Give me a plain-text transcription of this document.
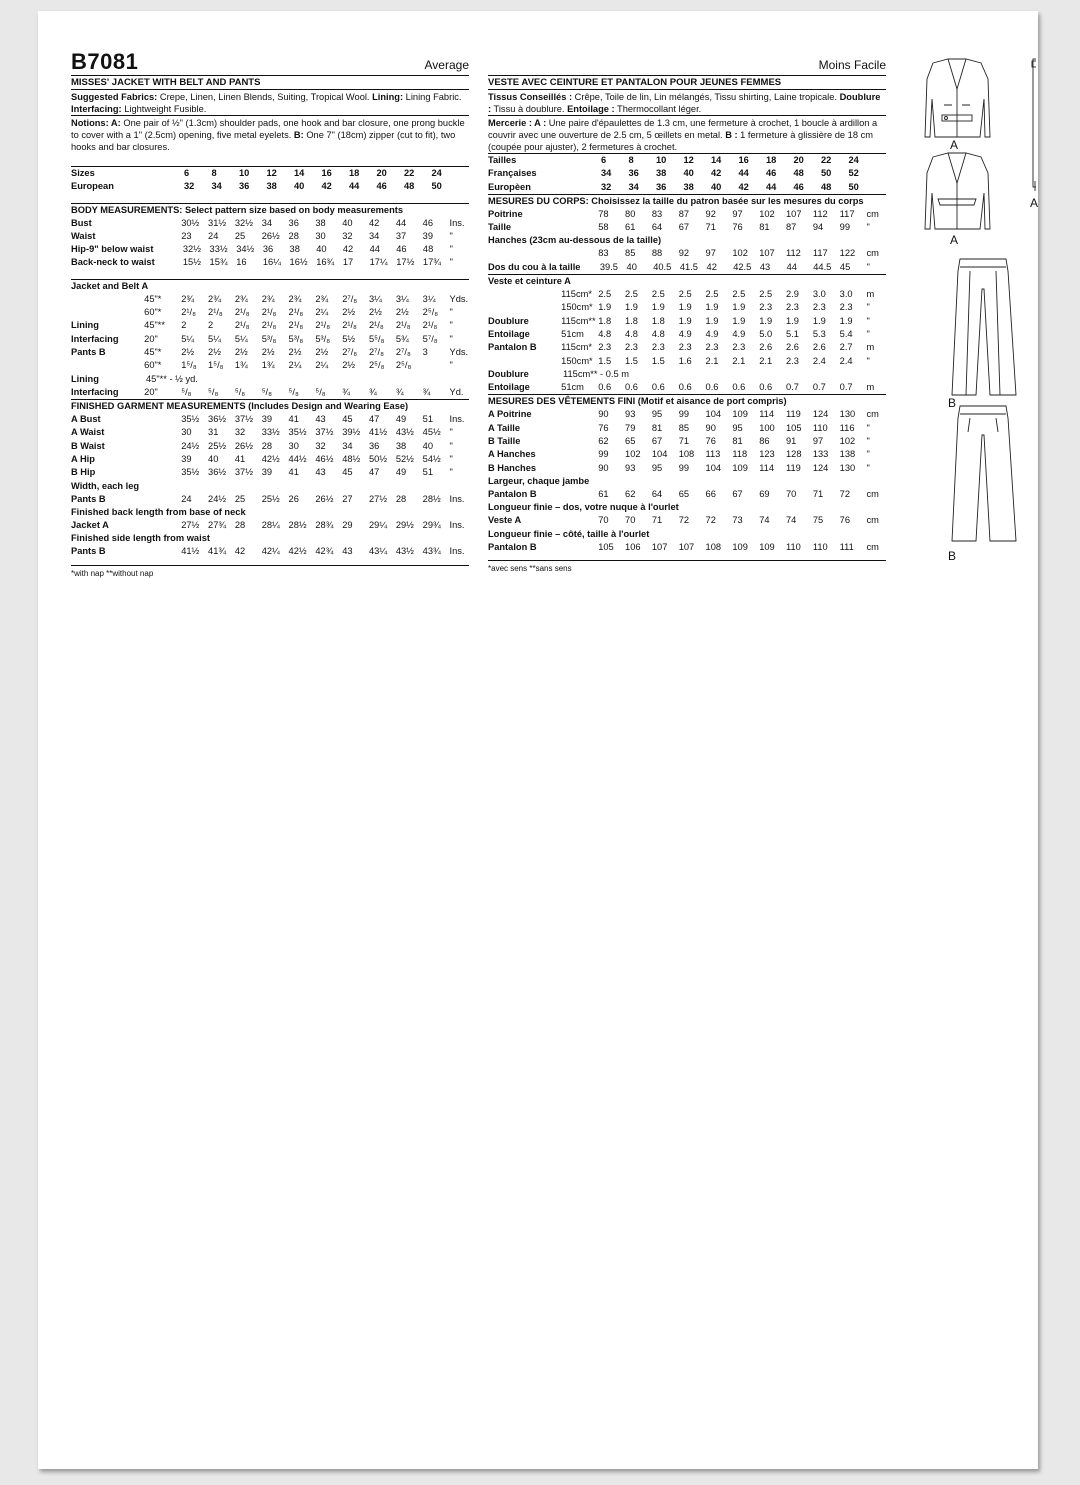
B7081	Average
MISSES' JACKET WITH BELT AND PANTS

Suggested Fabrics: Crepe, Linen, Linen Blends, Suiting, Tropical Wool. Lining: Lining Fabric. Interfacing: Lightweight Fusible.

Notions: A: One pair of ½" (1.3cm) shoulder pads, one hook and bar closure, one prong buckle to cover with a 1" (2.5cm) opening, five metal eyelets. B: One 7" (18cm) zipper (cut to fit), two hooks and bar closures.

Sizes	6	8	10	12	14	16	18	20	22	24
European	32	34	36	38	40	42	44	46	48	50
BODY MEASUREMENTS: Select pattern size based on body measurements
Bust	30½ 31½ 32½ 34	36	38	40	42	44	46	Ins.
Waist	23	24	25	26½ 28	30	32	34	37	39	"
Hip-9" below waist	32½ 33½ 34½ 36	38	40	42	44	46	48	"
Back-neck to waist	15½ 15¾ 16	16¼ 16½ 16¾ 17	17¼ 17½ 17¾ "
Jacket and Belt A
45"*	2¾	2¾	2¾	2¾	2¾	2¾	2⁷/₈	3¼	3¼	3¼	Yds.
60"*	2¹/₈	2¹/₈	2¹/₈	2¹/₈	2¹/₈	2¼	2½	2½	2½	2⁵/₈	"
Lining	45"**	2	2	2¹/₈	2¹/₈	2¹/₈	2¹/₈	2¹/₈	2¹/₈	2¹/₈	2¹/₈	"
Interfacing	20"	5¼	5¼	5¼	5³/₈	5³/₈	5³/₈	5½	5⁵/₈	5¾	5⁷/₈	"
Pants B	45"*	2½	2½	2½	2½	2½	2½	2⁷/₈	2⁷/₈	2⁷/₈	3	Yds.
60"*	1⁵/₈	1⁵/₈	1¾	1¾	2¼	2¼	2½	2⁵/₈	2⁵/₈	"
Lining	45"** - ½ yd.
Interfacing	20"	⁵/₈	⁵/₈	⁵/₈	⁵/₈	⁵/₈	⁵/₈	¾	¾	¾	¾	Yd.
FINISHED GARMENT MEASUREMENTS (Includes Design and Wearing Ease)
A Bust	35½ 36½ 37½ 39	41	43	45	47	49	51	Ins.
A Waist	30	31	32	33½ 35½ 37½ 39½ 41½ 43½ 45½ "
B Waist	24½ 25½ 26½ 28	30	32	34	36	38	40	"
A Hip	39	40	41	42½ 44½ 46½ 48½ 50½ 52½ 54½ "
B Hip	35½ 36½ 37½ 39	41	43	45	47	49	51	"
Width, each leg
Pants B	24	24½ 25	25½ 26	26½ 27	27½ 28	28½ Ins.
Finished back length from base of neck
Jacket A	27½ 27¾ 28	28¼ 28½ 28¾ 29	29¼ 29½ 29¾ Ins.
Finished side length from waist
Pants B	41½ 41¾ 42	42¼ 42½ 42¾ 43	43¼ 43½ 43¾ Ins.
*with nap **without nap
Moins Facile
VESTE AVEC CEINTURE ET PANTALON POUR JEUNES FEMMES

Tissus Conseillés : Crêpe, Toile de lin, Lin mélangés, Tissu shirting, Laine tropicale. Doublure : Tissu à doublure. Entoilage : Thermocollant léger.

Mercerie : A : Une paire d'épaulettes de 1.3 cm, une fermeture à crochet, 1 boucle à ardillon a couvrir avec une ouverture de 2.5 cm, 5 œillets en metal. B : 1 fermeture à glissière de 18 cm (coupée pour ajuster), 2 fermetures à crochet.

Tailles	6	8	10	12	14	16	18	20	22	24
Françaises	34	36	38	40	42	44	46	48	50	52
Europèen	32	34	36	38	40	42	44	46	48	50
MESURES DU CORPS: Choisissez la taille du patron basée sur les mesures du corps
Poitrine	78	80	83	87	92	97	102	107	112	117	cm
Taille	58	61	64	67	71	76	81	87	94	99	"
Hanches (23cm au-dessous de la taille)
83	85	88	92	97	102	107	112	117	122	cm
Dos du cou à la taille 39.5 40	40.5 41.5 42	42.5 43	44	44.5 45	"
Veste et ceinture A
115cm* 2.5	2.5	2.5	2.5	2.5	2.5	2.5	2.9	3.0	3.0	m
150cm* 1.9	1.9	1.9	1.9	1.9	1.9	2.3	2.3	2.3	2.3	"
Doublure	115cm** 1.8	1.8	1.8	1.9	1.9	1.9	1.9	1.9	1.9	1.9	"
Entoilage	51cm	4.8	4.8	4.8	4.9	4.9	4.9	5.0	5.1	5.3	5.4	"
Pantalon B	115cm* 2.3	2.3	2.3	2.3	2.3	2.3	2.6	2.6	2.6	2.7	m
150cm* 1.5	1.5	1.5	1.6	2.1	2.1	2.1	2.3	2.4	2.4	"
Doublure	115cm** - 0.5 m
Entoilage	51cm	0.6	0.6	0.6	0.6	0.6	0.6	0.6	0.7	0.7	0.7	m
MESURES DES VÊTEMENTS FINI (Motif et aisance de port compris)
A Poitrine	90	93	95	99	104	109	114	119	124	130	cm
A Taille	76	79	81	85	90	95	100	105	110	116	"
B Taille	62	65	67	71	76	81	86	91	97	102	"
A Hanches	99	102	104	108	113	118	123	128	133	138	"
B Hanches	90	93	95	99	104	109	114	119	124	130	"
Largeur, chaque jambe
Pantalon B	61	62	64	65	66	67	69	70	71	72	cm
Longueur finie – dos, votre nuque à l'ourlet
Veste A	70	70	71	72	72	73	74	74	75	76	cm
Longueur finie – côté, taille à l'ourlet
Pantalon B	105	106	107	107	108	109	109	110	110	111	cm
*avec sens **sans sens
A
A
A
B
B
